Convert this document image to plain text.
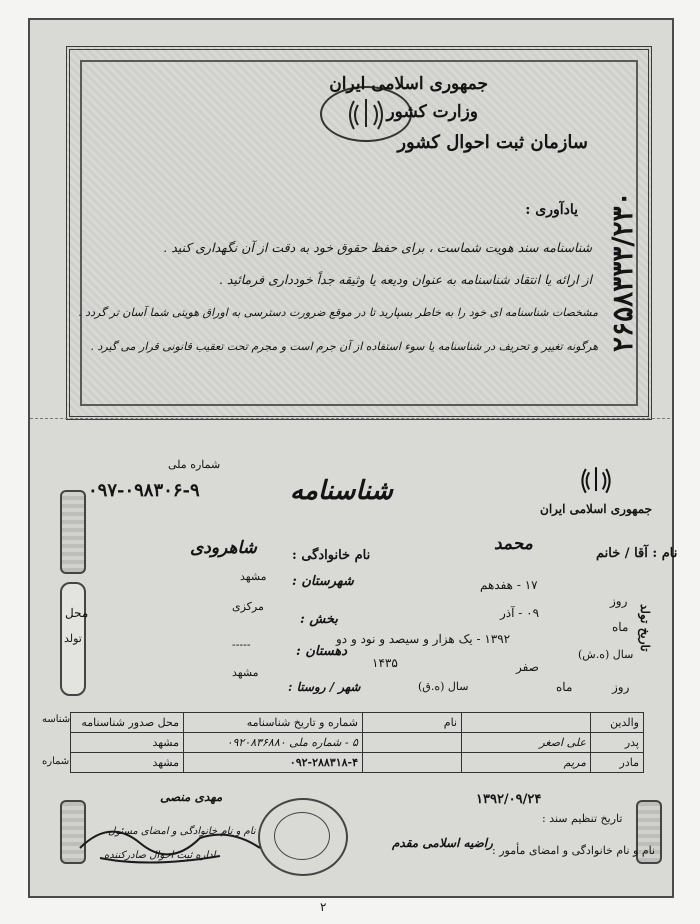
جمهوری اسلامی ایران
وزارت کشور
سازمان ثبت احوال کشور
یادآوری :
شناسنامه سند هویت شماست ، برای حفظ حقوق خود به دقت از آن نگهداری کنید .
از ارائه یا انتقاد شناسنامه به عنوان ودیعه یا وثیقه جداً خودداری فرمائید .
مشخصات شناسنامه ای خود را به خاطر بسپارید تا در موقع ضرورت دسترسی به اوراق هویتی شما آسان تر گردد .
هرگونه تغییر و تحریف در شناسنامه یا سوء استفاده از آن جرم است و مجرم تحت تعقیب قانونی قرار می گیرد . ۲۶۵۸۳۳۳/۲۳۰
جمهوری اسلامی ایران
شناسنامه
شماره ملی
۰۹۷-۰۹۸۳۰۶-۹
محل
تولد
نام : آقا / خانم
محمد
نام خانوادگی :
شاهرودی
روز
۱۷ - هفدهم
ماه
۰۹ - آذر
سال (ه.ش)
۱۳۹۲ - یک هزار و سیصد و نود و دو	تاریخ تولد
روز
ماه
صفر
سال (ه.ق)
۱۴۳۵
شهرستان :
مشهد
بخش :
مرکزی
دهستان :
-----
شهر / روستا :
مشهد
والدین		نام	شماره و تاریخ شناسنامه	محل صدور شناسنامه
پدر	علی اصغر		۵ - شماره ملی ۰۹۲۰۸۳۶۸۸۰	مشهد
مادر	مریم		۰۹۲-۲۸۸۳۱۸-۴	مشهد
شناسه
شماره
مهدی منصی	۱۳۹۲/۰۹/۲۴
تاریخ تنظیم سند :
نام و نام خانوادگی و امضای مأمور :
راضیه اسلامی مقدم
نام و نام خانوادگی و امضای مسئول
اداره ثبت احوال صادرکننده
۲
